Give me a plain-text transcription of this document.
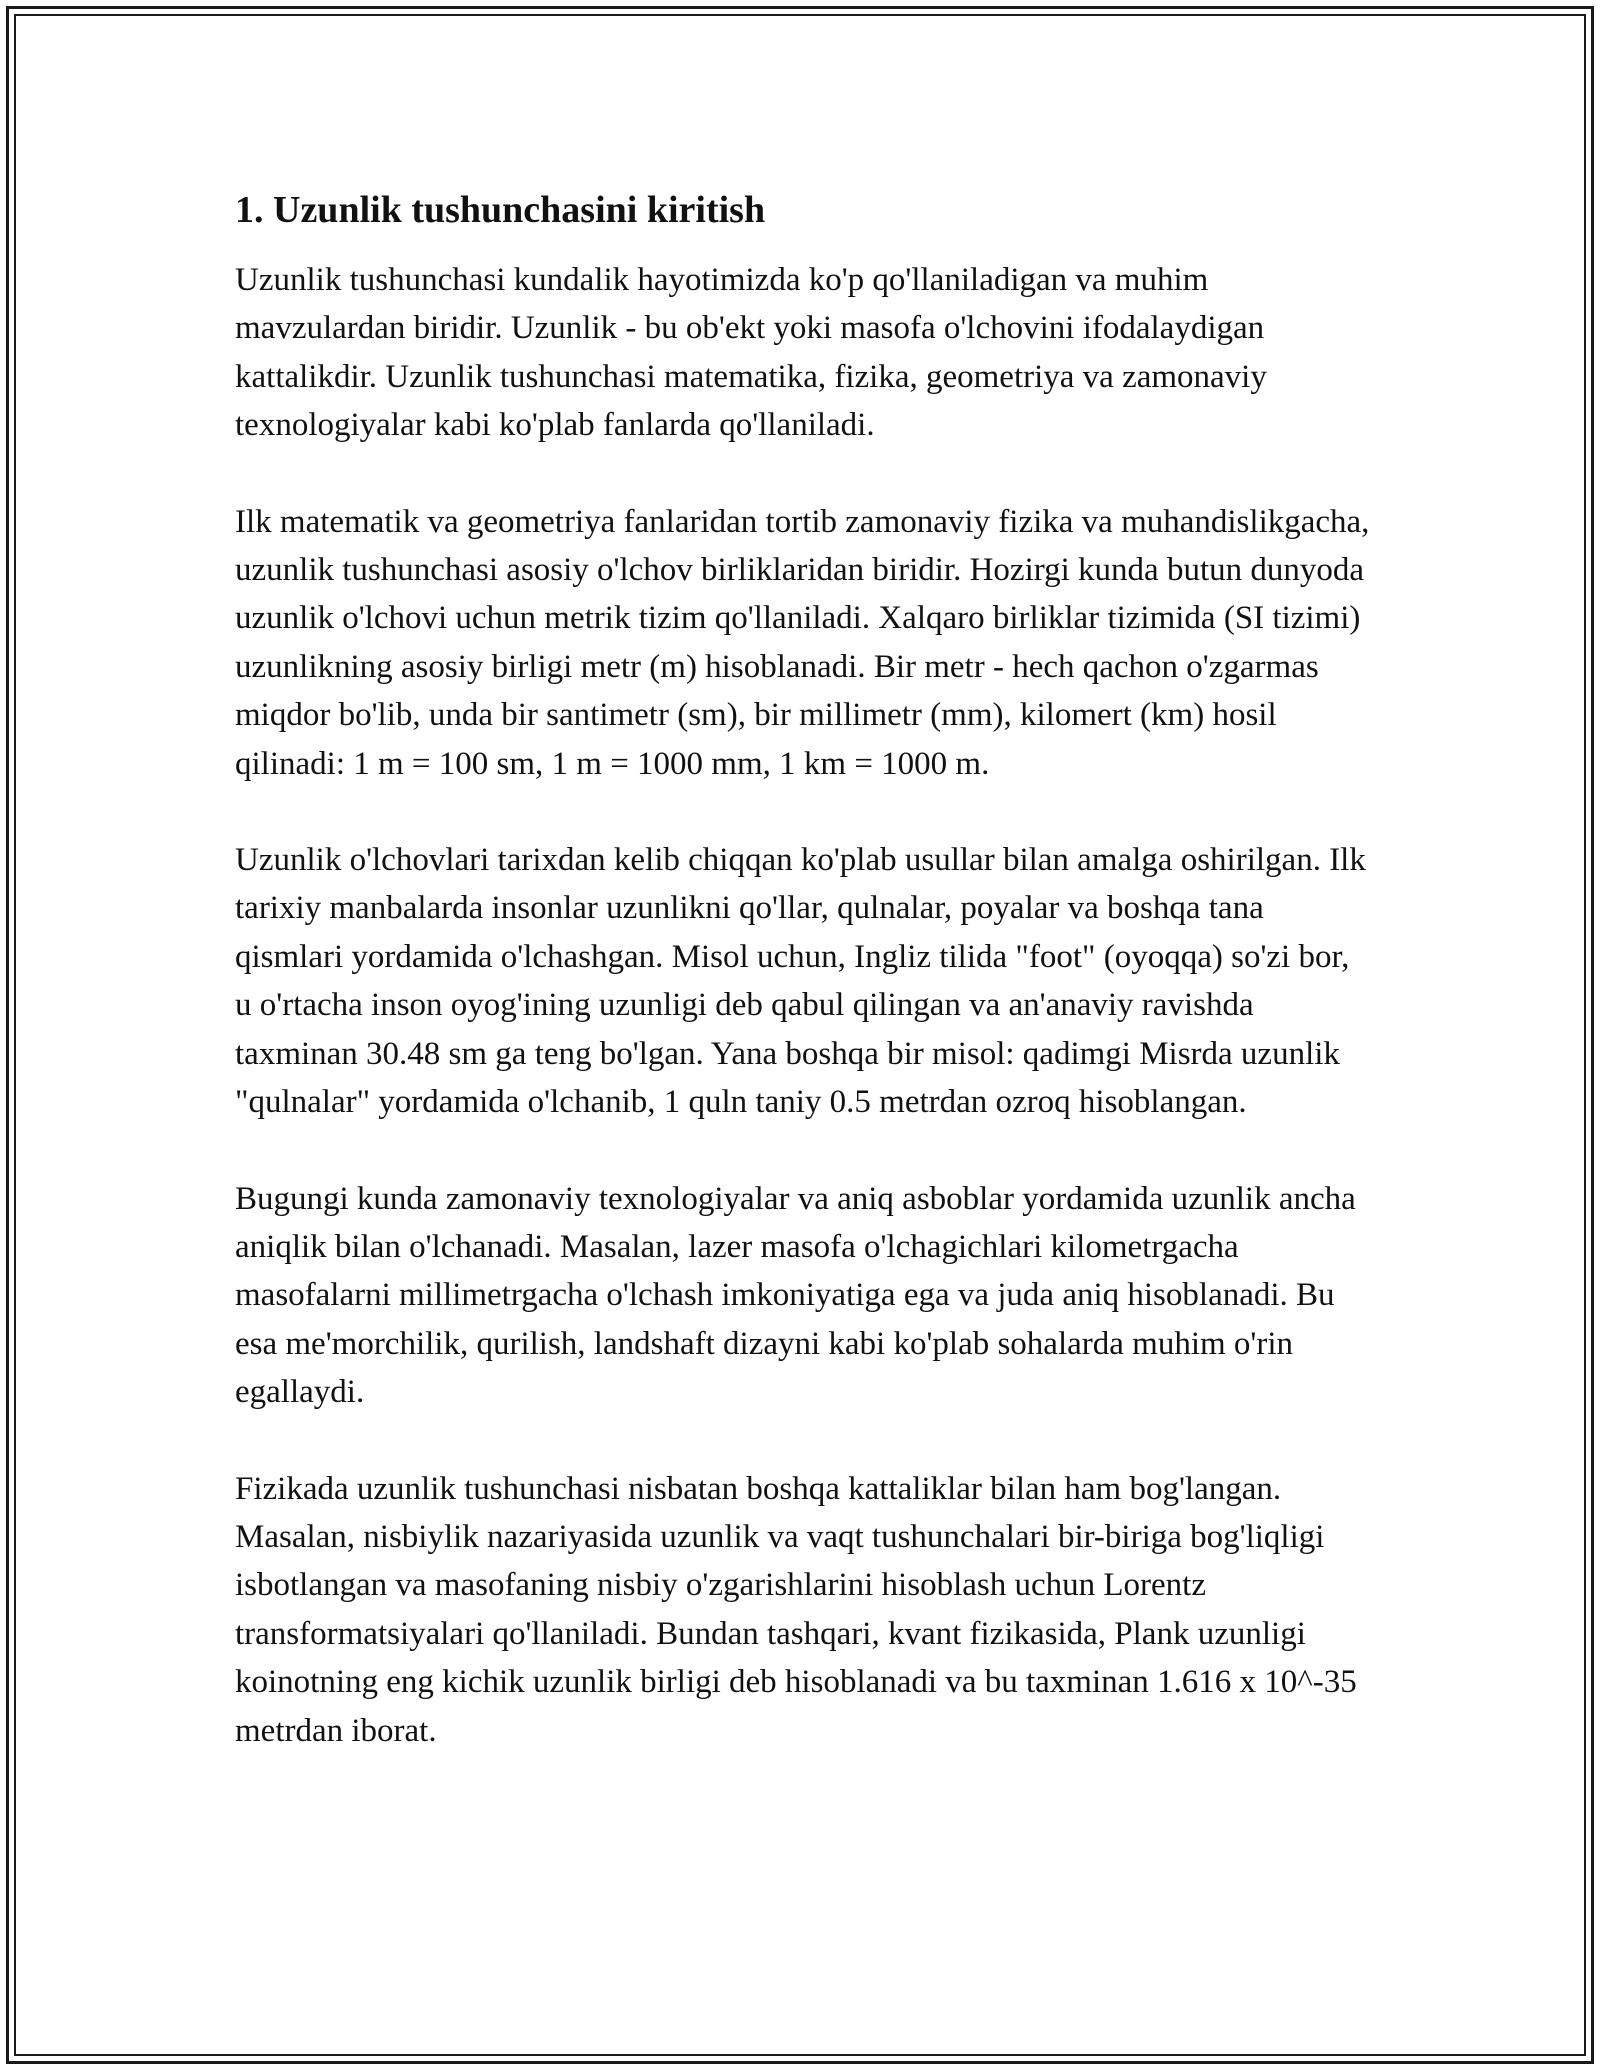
1. Uzunlik tushunchasini kiritish

Uzunlik tushunchasi kundalik hayotimizda ko'p qo'llaniladigan va muhim mavzulardan biridir. Uzunlik - bu ob'ekt yoki masofa o'lchovini ifodalaydigan kattalikdir. Uzunlik tushunchasi matematika, fizika, geometriya va zamonaviy texnologiyalar kabi ko'plab fanlarda qo'llaniladi.

Ilk matematik va geometriya fanlaridan tortib zamonaviy fizika va muhandislikgacha, uzunlik tushunchasi asosiy o'lchov birliklaridan biridir. Hozirgi kunda butun dunyoda uzunlik o'lchovi uchun metrik tizim qo'llaniladi. Xalqaro birliklar tizimida (SI tizimi) uzunlikning asosiy birligi metr (m) hisoblanadi. Bir metr - hech qachon o'zgarmas miqdor bo'lib, unda bir santimetr (sm), bir millimetr (mm), kilomert (km) hosil qilinadi: 1 m = 100 sm, 1 m = 1000 mm, 1 km = 1000 m.

Uzunlik o'lchovlari tarixdan kelib chiqqan ko'plab usullar bilan amalga oshirilgan. Ilk tarixiy manbalarda insonlar uzunlikni qo'llar, qulnalar, poyalar va boshqa tana qismlari yordamida o'lchashgan. Misol uchun, Ingliz tilida "foot" (oyoqqa) so'zi bor, u o'rtacha inson oyog'ining uzunligi deb qabul qilingan va an'anaviy ravishda taxminan 30.48 sm ga teng bo'lgan. Yana boshqa bir misol: qadimgi Misrda uzunlik "qulnalar" yordamida o'lchanib, 1 quln taniy 0.5 metrdan ozroq hisoblangan.

Bugungi kunda zamonaviy texnologiyalar va aniq asboblar yordamida uzunlik ancha aniqlik bilan o'lchanadi. Masalan, lazer masofa o'lchagichlari kilometrgacha masofalarni millimetrgacha o'lchash imkoniyatiga ega va juda aniq hisoblanadi. Bu esa me'morchilik, qurilish, landshaft dizayni kabi ko'plab sohalarda muhim o'rin egallaydi.

Fizikada uzunlik tushunchasi nisbatan boshqa kattaliklar bilan ham bog'langan. Masalan, nisbiylik nazariyasida uzunlik va vaqt tushunchalari bir-biriga bog'liqligi isbotlangan va masofaning nisbiy o'zgarishlarini hisoblash uchun Lorentz transformatsiyalari qo'llaniladi. Bundan tashqari, kvant fizikasida, Plank uzunligi koinotning eng kichik uzunlik birligi deb hisoblanadi va bu taxminan 1.616 x 10^-35 metrdan iborat.
